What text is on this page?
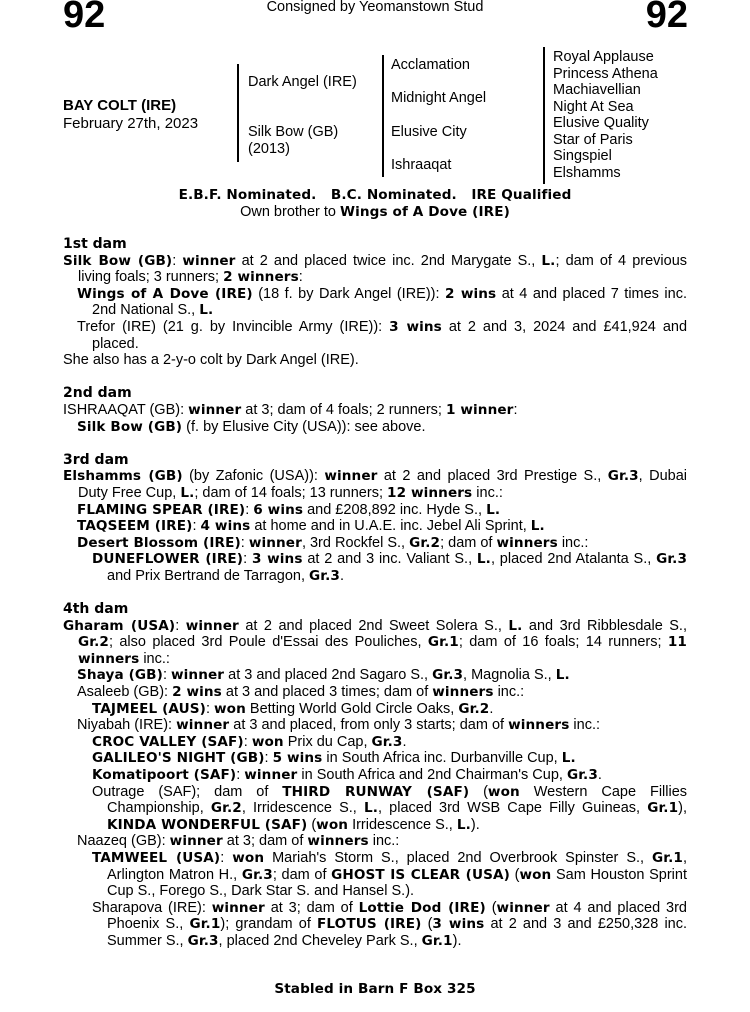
92	92
Consigned by Yeomanstown Stud
BAY COLT (IRE)
February 27th, 2023
Dark Angel (IRE)
Silk Bow (GB)
(2013)
Acclamation
Midnight Angel
Elusive City
Ishraaqat
Royal Applause
Princess Athena
Machiavellian
Night At Sea
Elusive Quality
Star of Paris
Singspiel
Elshamms
E.B.F. Nominated.   B.C. Nominated.   IRE Qualified
Own brother to Wings of A Dove (IRE)

1st dam

Silk Bow (GB): winner at 2 and placed twice inc. 2nd Marygate S., L.; dam of 4 previous living foals; 3 runners; 2 winners:

Wings of A Dove (IRE) (18 f. by Dark Angel (IRE)): 2 wins at 4 and placed 7 times inc. 2nd National S., L.

Trefor (IRE) (21 g. by Invincible Army (IRE)): 3 wins at 2 and 3, 2024 and £41,924 and placed.

She also has a 2-y-o colt by Dark Angel (IRE).

2nd dam

ISHRAAQAT (GB): winner at 3; dam of 4 foals; 2 runners; 1 winner:

Silk Bow (GB) (f. by Elusive City (USA)): see above.

3rd dam

Elshamms (GB) (by Zafonic (USA)): winner at 2 and placed 3rd Prestige S., Gr.3, Dubai Duty Free Cup, L.; dam of 14 foals; 13 runners; 12 winners inc.:

FLAMING SPEAR (IRE): 6 wins and £208,892 inc. Hyde S., L.

TAQSEEM (IRE): 4 wins at home and in U.A.E. inc. Jebel Ali Sprint, L.

Desert Blossom (IRE): winner, 3rd Rockfel S., Gr.2; dam of winners inc.:

DUNEFLOWER (IRE): 3 wins at 2 and 3 inc. Valiant S., L., placed 2nd Atalanta S., Gr.3 and Prix Bertrand de Tarragon, Gr.3.

4th dam

Gharam (USA): winner at 2 and placed 2nd Sweet Solera S., L. and 3rd Ribblesdale S., Gr.2; also placed 3rd Poule d'Essai des Pouliches, Gr.1; dam of 16 foals; 14 runners; 11 winners inc.:

Shaya (GB): winner at 3 and placed 2nd Sagaro S., Gr.3, Magnolia S., L.

Asaleeb (GB): 2 wins at 3 and placed 3 times; dam of winners inc.:

TAJMEEL (AUS): won Betting World Gold Circle Oaks, Gr.2.

Niyabah (IRE): winner at 3 and placed, from only 3 starts; dam of winners inc.:

CROC VALLEY (SAF): won Prix du Cap, Gr.3.

GALILEO'S NIGHT (GB): 5 wins in South Africa inc. Durbanville Cup, L.

Komatipoort (SAF): winner in South Africa and 2nd Chairman's Cup, Gr.3.

Outrage (SAF); dam of THIRD RUNWAY (SAF) (won Western Cape Fillies Championship, Gr.2, Irridescence S., L., placed 3rd WSB Cape Filly Guineas, Gr.1), KINDA WONDERFUL (SAF) (won Irridescence S., L.).

Naazeq (GB): winner at 3; dam of winners inc.:

TAMWEEL (USA): won Mariah's Storm S., placed 2nd Overbrook Spinster S., Gr.1, Arlington Matron H., Gr.3; dam of GHOST IS CLEAR (USA) (won Sam Houston Sprint Cup S., Forego S., Dark Star S. and Hansel S.).

Sharapova (IRE): winner at 3; dam of Lottie Dod (IRE) (winner at 4 and placed 3rd Phoenix S., Gr.1); grandam of FLOTUS (IRE) (3 wins at 2 and 3 and £250,328 inc. Summer S., Gr.3, placed 2nd Cheveley Park S., Gr.1).

Stabled in Barn F Box 325
